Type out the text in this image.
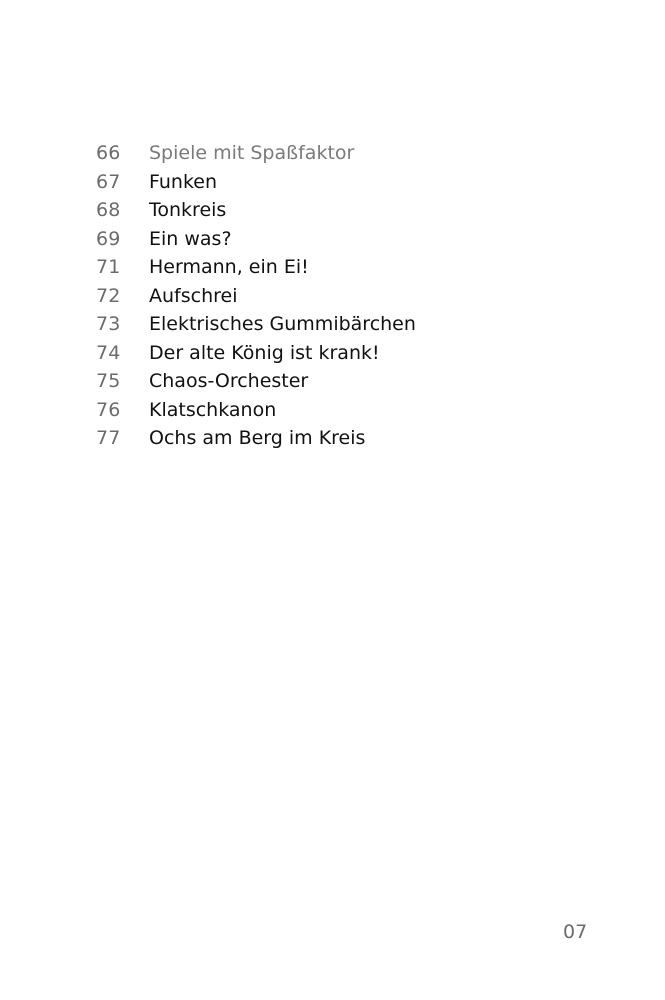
66	Spiele mit Spaßfaktor
67	Funken
68	Tonkreis
69	Ein was?
71	Hermann, ein Ei!
72	Aufschrei
73	Elektrisches Gummibärchen
74	Der alte König ist krank!
75	Chaos-Orchester
76	Klatschkanon
77	Ochs am Berg im Kreis
07
